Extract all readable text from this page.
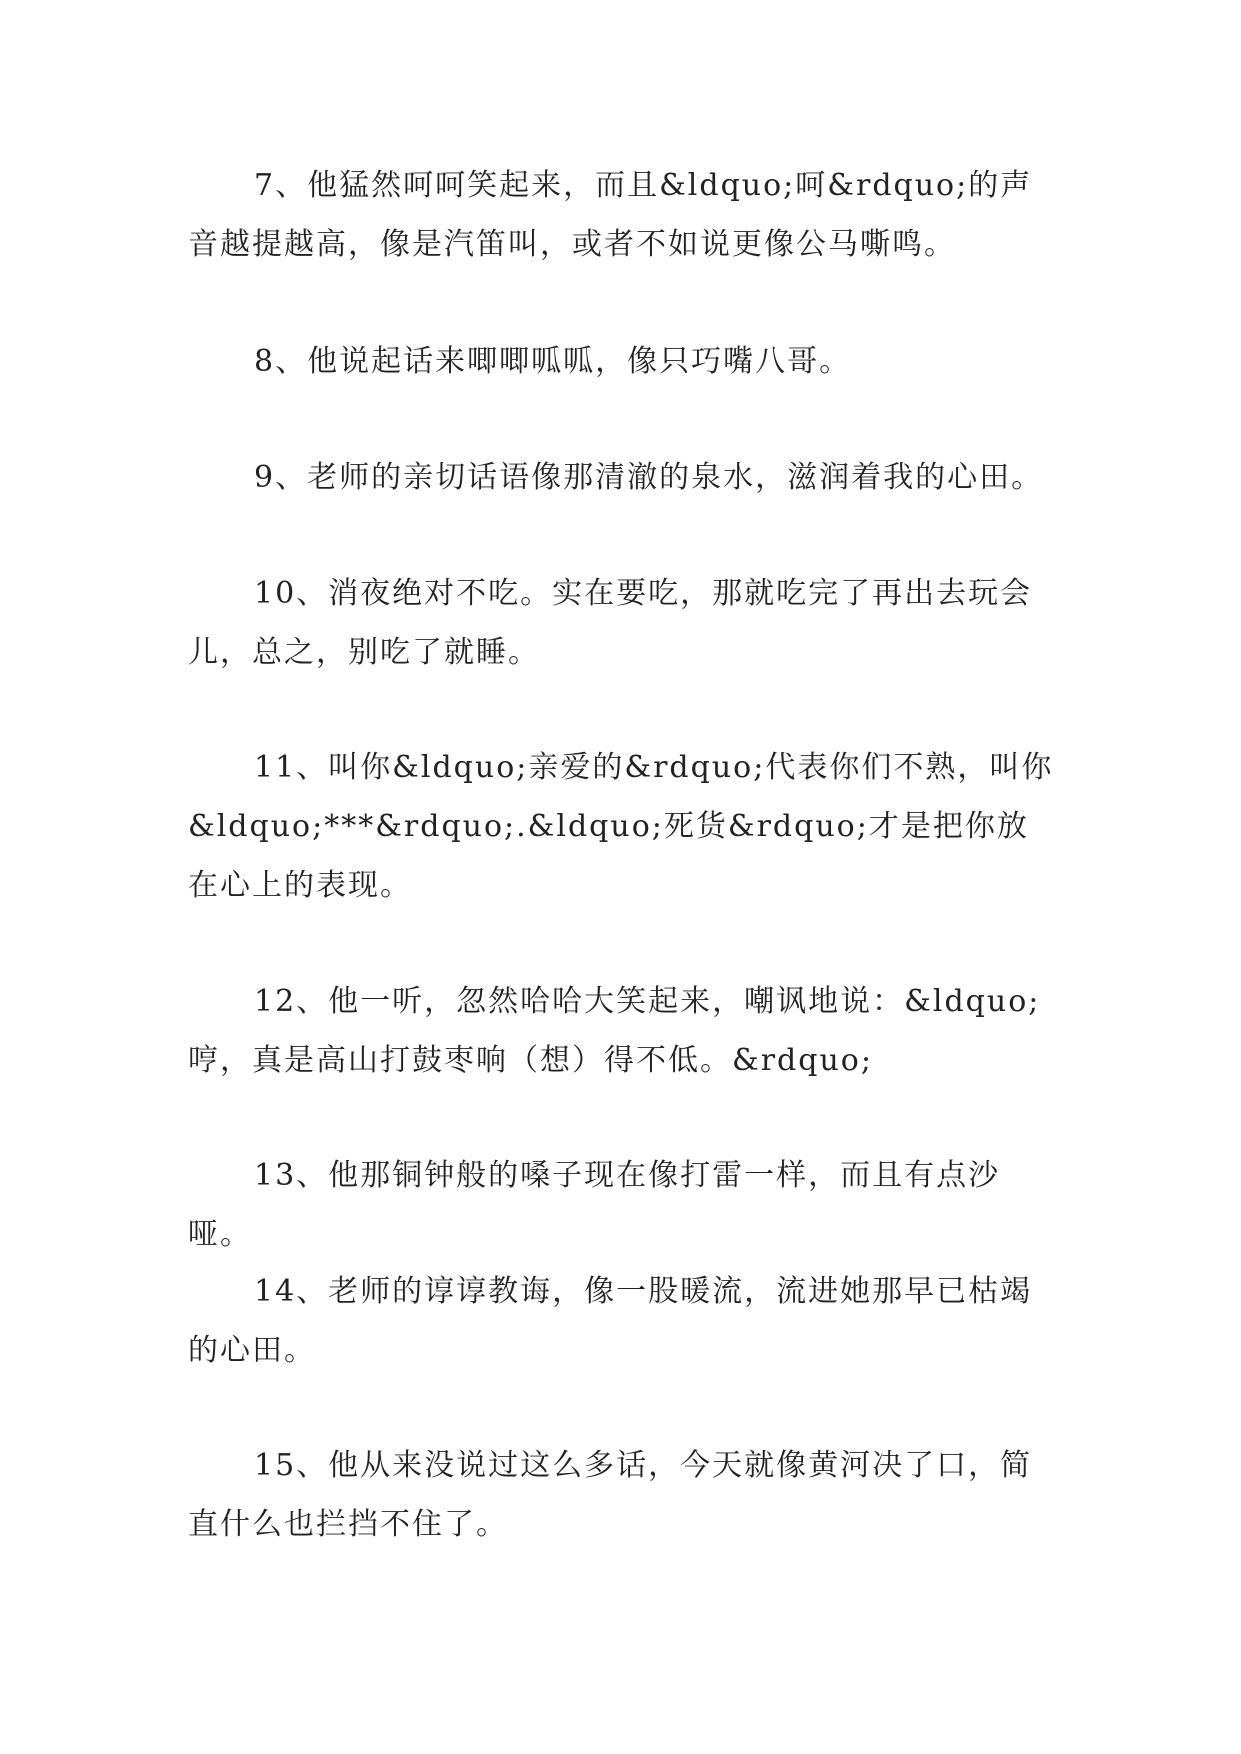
7、他猛然呵呵笑起来，而且&ldquo;呵&rdquo;的声音越提越高，像是汽笛叫，或者不如说更像公马嘶鸣。

8、他说起话来唧唧呱呱，像只巧嘴八哥。

9、老师的亲切话语像那清澈的泉水，滋润着我的心田。

10、消夜绝对不吃。实在要吃，那就吃完了再出去玩会儿，总之，别吃了就睡。

11、叫你&ldquo;亲爱的&rdquo;代表你们不熟，叫你&ldquo;***&rdquo;.&ldquo;死货&rdquo;才是把你放在心上的表现。

12、他一听，忽然哈哈大笑起来，嘲讽地说：&ldquo;哼，真是高山打鼓枣响（想）得不低。&rdquo;

13、他那铜钟般的嗓子现在像打雷一样，而且有点沙哑。

14、老师的谆谆教诲，像一股暖流，流进她那早已枯竭的心田。

15、他从来没说过这么多话，今天就像黄河决了口，简直什么也拦挡不住了。
